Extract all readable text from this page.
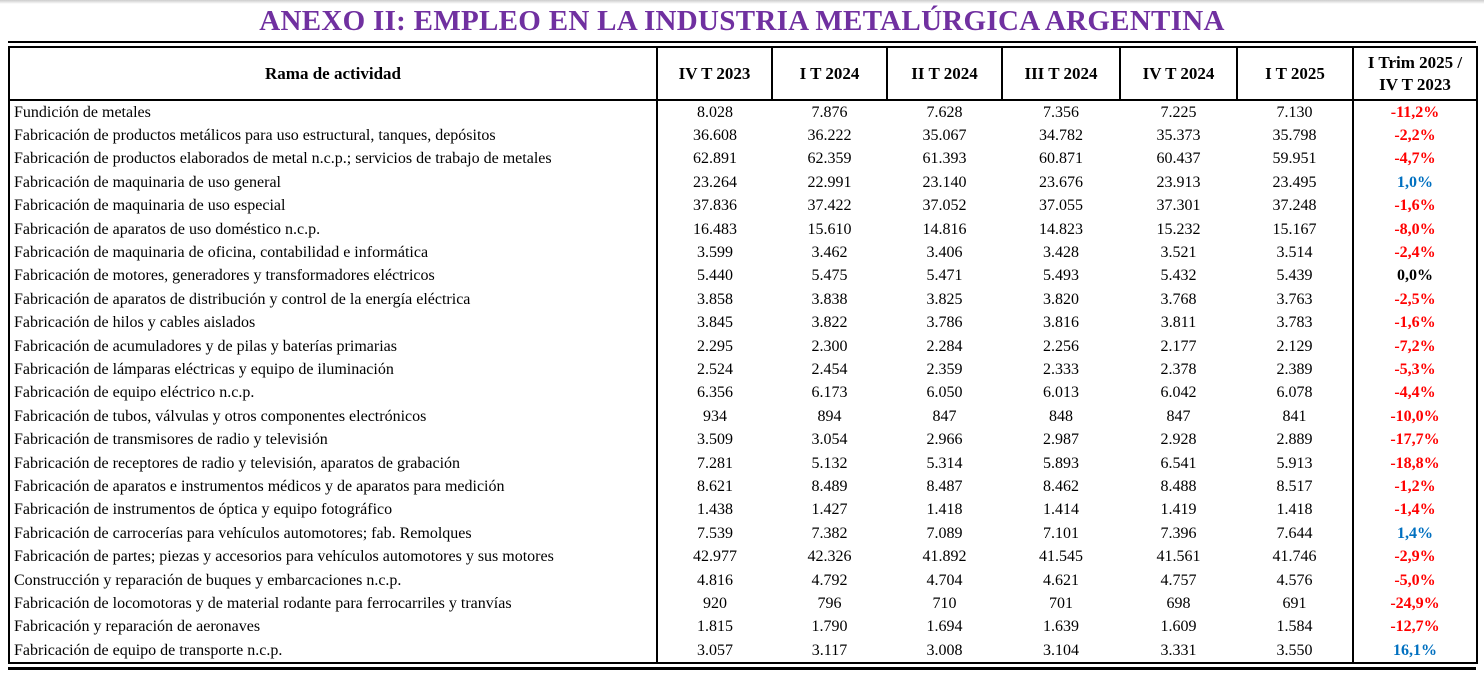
ANEXO II: EMPLEO EN LA INDUSTRIA METALÚRGICA ARGENTINA
Rama de actividad	IV T 2023	I T 2024	II T 2024	III T 2024	IV T 2024	I T 2025	I Trim 2025 / IV T 2023
Fundición de metales	8.028	7.876	7.628	7.356	7.225	7.130	-11,2%
Fabricación de productos metálicos para uso estructural, tanques, depósitos	36.608	36.222	35.067	34.782	35.373	35.798	-2,2%
Fabricación de productos elaborados de metal n.c.p.; servicios de trabajo de metales	62.891	62.359	61.393	60.871	60.437	59.951	-4,7%
Fabricación de maquinaria de uso general	23.264	22.991	23.140	23.676	23.913	23.495	1,0%
Fabricación de maquinaria de uso especial	37.836	37.422	37.052	37.055	37.301	37.248	-1,6%
Fabricación de aparatos de uso doméstico n.c.p.	16.483	15.610	14.816	14.823	15.232	15.167	-8,0%
Fabricación de maquinaria de oficina, contabilidad e informática	3.599	3.462	3.406	3.428	3.521	3.514	-2,4%
Fabricación de motores, generadores y transformadores eléctricos	5.440	5.475	5.471	5.493	5.432	5.439	0,0%
Fabricación de aparatos de distribución y control de la energía eléctrica	3.858	3.838	3.825	3.820	3.768	3.763	-2,5%
Fabricación de hilos y cables aislados	3.845	3.822	3.786	3.816	3.811	3.783	-1,6%
Fabricación de acumuladores y de pilas y baterías primarias	2.295	2.300	2.284	2.256	2.177	2.129	-7,2%
Fabricación de lámparas eléctricas y equipo de iluminación	2.524	2.454	2.359	2.333	2.378	2.389	-5,3%
Fabricación de equipo eléctrico n.c.p.	6.356	6.173	6.050	6.013	6.042	6.078	-4,4%
Fabricación de tubos, válvulas y otros componentes electrónicos	934	894	847	848	847	841	-10,0%
Fabricación de transmisores de radio y televisión	3.509	3.054	2.966	2.987	2.928	2.889	-17,7%
Fabricación de receptores de radio y televisión, aparatos de grabación	7.281	5.132	5.314	5.893	6.541	5.913	-18,8%
Fabricación de aparatos e instrumentos médicos y de aparatos para medición	8.621	8.489	8.487	8.462	8.488	8.517	-1,2%
Fabricación de instrumentos de óptica y equipo fotográfico	1.438	1.427	1.418	1.414	1.419	1.418	-1,4%
Fabricación de carrocerías para vehículos automotores; fab. Remolques	7.539	7.382	7.089	7.101	7.396	7.644	1,4%
Fabricación de partes; piezas y accesorios para vehículos automotores y sus motores	42.977	42.326	41.892	41.545	41.561	41.746	-2,9%
Construcción y reparación de buques y embarcaciones n.c.p.	4.816	4.792	4.704	4.621	4.757	4.576	-5,0%
Fabricación de locomotoras y de material rodante para ferrocarriles y tranvías	920	796	710	701	698	691	-24,9%
Fabricación y reparación de aeronaves	1.815	1.790	1.694	1.639	1.609	1.584	-12,7%
Fabricación de equipo de transporte n.c.p.	3.057	3.117	3.008	3.104	3.331	3.550	16,1%
